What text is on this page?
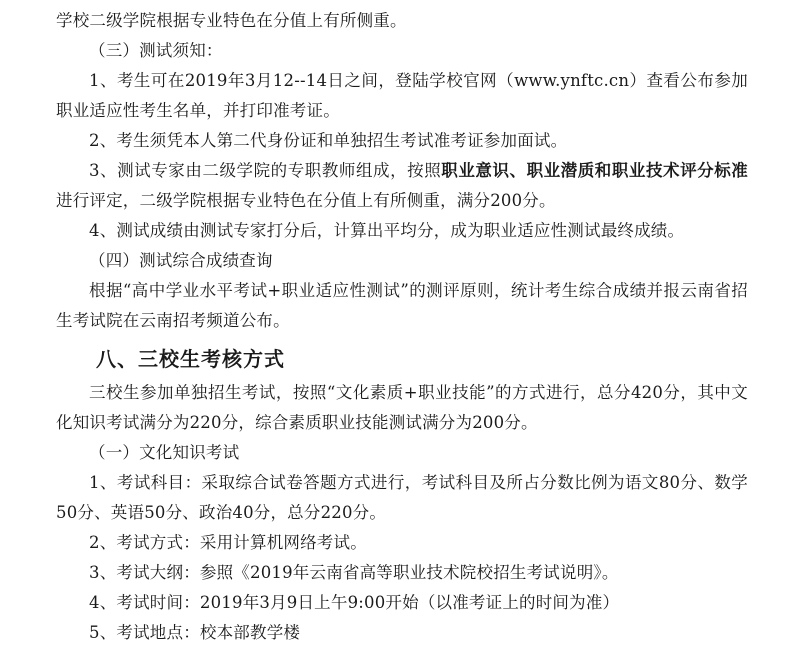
学校二级学院根据专业特色在分值上有所侧重。

（三）测试须知：

1、考生可在2019年3月12--14日之间，登陆学校官网（www.ynftc.cn）查看公布参加职业适应性考生名单，并打印准考证。

2、考生须凭本人第二代身份证和单独招生考试准考证参加面试。

3、测试专家由二级学院的专职教师组成，按照职业意识、职业潜质和职业技术评分标准进行评定，二级学院根据专业特色在分值上有所侧重，满分200分。

4、测试成绩由测试专家打分后，计算出平均分，成为职业适应性测试最终成绩。

（四）测试综合成绩查询

根据“高中学业水平考试+职业适应性测试”的测评原则，统计考生综合成绩并报云南省招生考试院在云南招考频道公布。

八、三校生考核方式

三校生参加单独招生考试，按照“文化素质+职业技能”的方式进行，总分420分，其中文化知识考试满分为220分，综合素质职业技能测试满分为200分。

（一）文化知识考试

1、考试科目：采取综合试卷答题方式进行，考试科目及所占分数比例为语文80分、数学50分、英语50分、政治40分，总分220分。

2、考试方式：采用计算机网络考试。

3、考试大纲：参照《2019年云南省高等职业技术院校招生考试说明》。

4、考试时间：2019年3月9日上午9:00开始（以准考证上的时间为准）

5、考试地点：校本部教学楼
